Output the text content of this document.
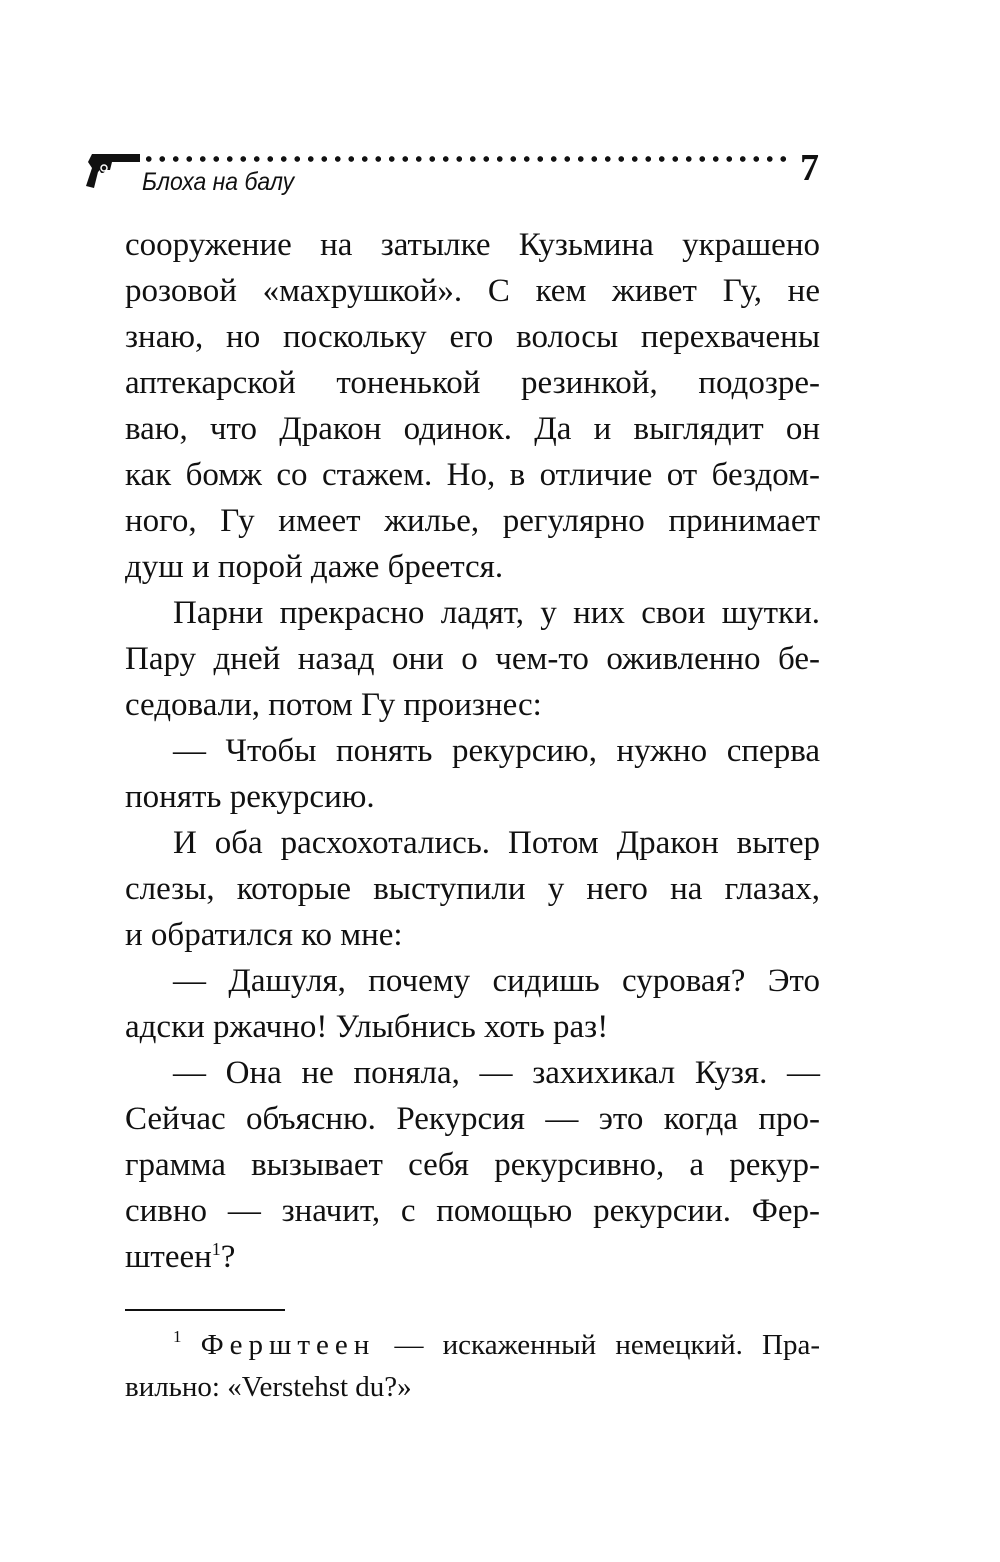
Блоха на балу	7
сооружение на затылке Кузьмина украшено
розовой «махрушкой». С кем живет Гу, не
знаю, но поскольку его волосы перехвачены
аптекарской тоненькой резинкой, подозре-
ваю, что Дракон одинок. Да и выглядит он
как бомж со стажем. Но, в отличие от бездом-
ного, Гу имеет жилье, регулярно принимает
душ и порой даже бреется.
Парни прекрасно ладят, у них свои шутки.
Пару дней назад они о чем-то оживленно бе-
седовали, потом Гу произнес:
— Чтобы понять рекурсию, нужно сперва
понять рекурсию.
И оба расхохотались. Потом Дракон вытер
слезы, которые выступили у него на глазах,
и обратился ко мне:
— Дашуля, почему сидишь суровая? Это
адски ржачно! Улыбнись хоть раз!
— Она не поняла, — захихикал Кузя. —
Сейчас объясню. Рекурсия — это когда про-
грамма вызывает себя рекурсивно, а рекур-
сивно — значит, с помощью рекурсии. Фер-
штеен$^1$?
$^1$ Ферштеен — искаженный немецкий. Пра-
вильно: «Verstehst du?»
